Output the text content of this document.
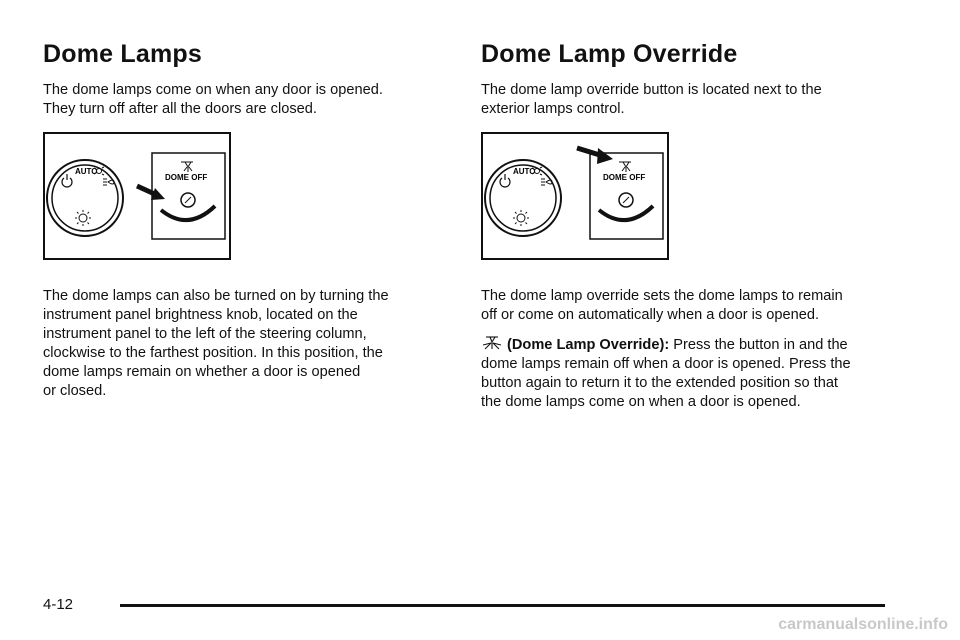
Dome Lamps

The dome lamps come on when any door is opened.
They turn off after all the doors are closed.

AUTO
DOME OFF

The dome lamps can also be turned on by turning the
instrument panel brightness knob, located on the
instrument panel to the left of the steering column,
clockwise to the farthest position. In this position, the
dome lamps remain on whether a door is opened
or closed.

Dome Lamp Override

The dome lamp override button is located next to the
exterior lamps control.

AUTO
DOME OFF

The dome lamp override sets the dome lamps to remain
off or come on automatically when a door is opened.

(Dome Lamp Override): Press the button in and the
dome lamps remain off when a door is opened. Press the
button again to return it to the extended position so that
the dome lamps come on when a door is opened.

4-12
carmanualsonline.info
